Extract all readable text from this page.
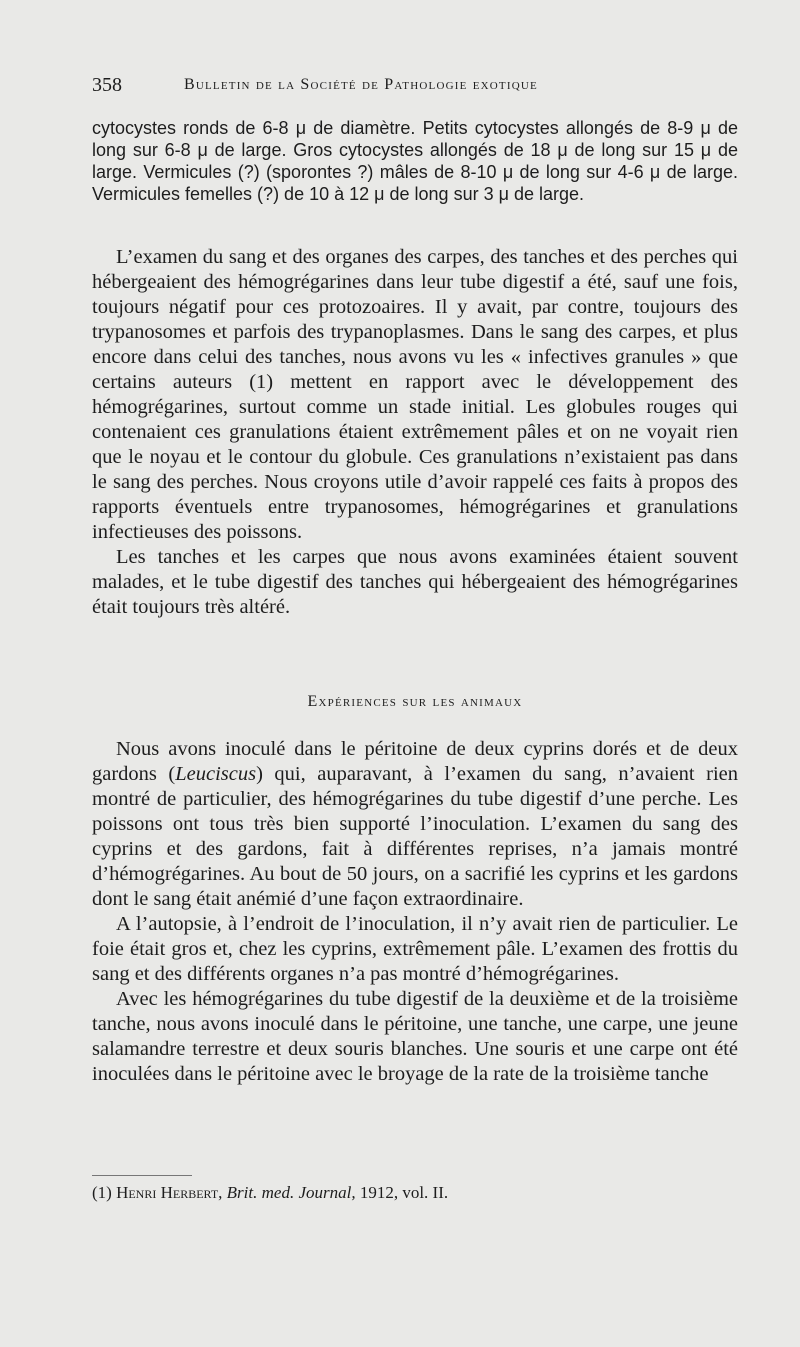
358	Bulletin de la Société de Pathologie exotique

cytocystes ronds de 6-8 μ de diamètre. Petits cytocystes allongés de 8-9 μ de long sur 6-8 μ de large. Gros cytocystes allongés de 18 μ de long sur 15 μ de large. Vermicules (?) (sporontes ?) mâles de 8-10 μ de long sur 4-6 μ de large. Vermicules femelles (?) de 10 à 12 μ de long sur 3 μ de large.

L’examen du sang et des organes des carpes, des tanches et des perches qui hébergeaient des hémogrégarines dans leur tube digestif a été, sauf une fois, toujours négatif pour ces protozoaires. Il y avait, par contre, toujours des trypanosomes et parfois des trypanoplasmes. Dans le sang des carpes, et plus encore dans celui des tanches, nous avons vu les « infectives granules » que certains auteurs (1) mettent en rapport avec le développement des hémogrégarines, surtout comme un stade initial. Les globules rouges qui contenaient ces granulations étaient extrêmement pâles et on ne voyait rien que le noyau et le contour du globule. Ces granulations n’existaient pas dans le sang des perches. Nous croyons utile d’avoir rappelé ces faits à propos des rapports éventuels entre trypanosomes, hémogrégarines et granulations infectieuses des poissons.

Les tanches et les carpes que nous avons examinées étaient souvent malades, et le tube digestif des tanches qui hébergeaient des hémogrégarines était toujours très altéré.

Expériences sur les animaux

Nous avons inoculé dans le péritoine de deux cyprins dorés et de deux gardons (Leuciscus) qui, auparavant, à l’examen du sang, n’avaient rien montré de particulier, des hémogrégarines du tube digestif d’une perche. Les poissons ont tous très bien supporté l’inoculation. L’examen du sang des cyprins et des gardons, fait à différentes reprises, n’a jamais montré d’hémogrégarines. Au bout de 50 jours, on a sacrifié les cyprins et les gardons dont le sang était anémié d’une façon extraordinaire.

A l’autopsie, à l’endroit de l’inoculation, il n’y avait rien de particulier. Le foie était gros et, chez les cyprins, extrêmement pâle. L’examen des frottis du sang et des différents organes n’a pas montré d’hémogrégarines.

Avec les hémogrégarines du tube digestif de la deuxième et de la troisième tanche, nous avons inoculé dans le péritoine, une tanche, une carpe, une jeune salamandre terrestre et deux souris blanches. Une souris et une carpe ont été inoculées dans le péritoine avec le broyage de la rate de la troisième tanche

(1) Henri Herbert, Brit. med. Journal, 1912, vol. II.
